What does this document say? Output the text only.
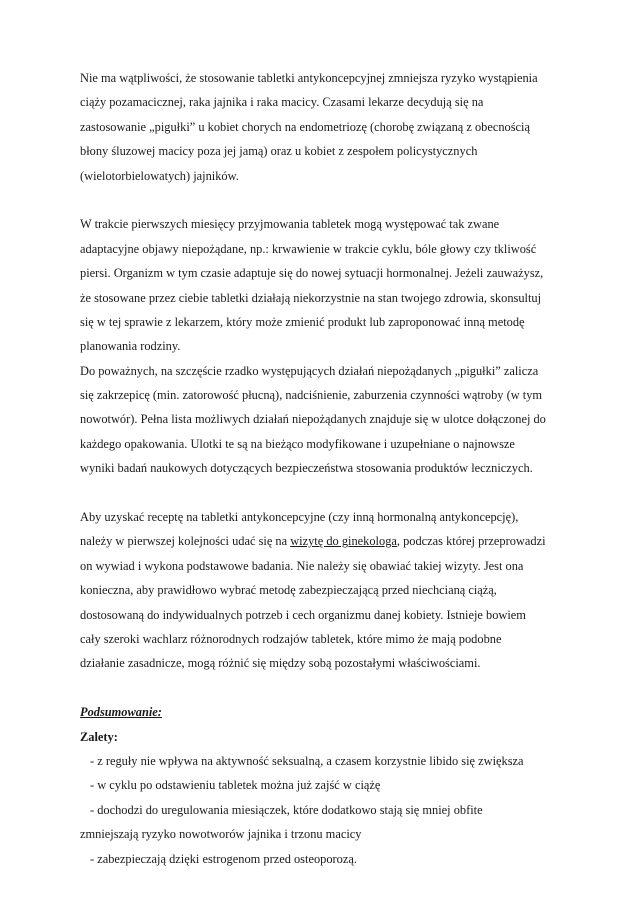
Nie ma wątpliwości, że stosowanie tabletki antykoncepcyjnej zmniejsza ryzyko wystąpienia
ciąży pozamacicznej, raka jajnika i raka macicy. Czasami lekarze decydują się na
zastosowanie „pigułki” u kobiet chorych na endometriozę (chorobę związaną z obecnością
błony śluzowej macicy poza jej jamą) oraz u kobiet z zespołem policystycznych
(wielotorbielowatych) jajników.
W trakcie pierwszych miesięcy przyjmowania tabletek mogą występować tak zwane
adaptacyjne objawy niepożądane, np.: krwawienie w trakcie cyklu, bóle głowy czy tkliwość
piersi. Organizm w tym czasie adaptuje się do nowej sytuacji hormonalnej. Jeżeli zauważysz,
że stosowane przez ciebie tabletki działają niekorzystnie na stan twojego zdrowia, skonsultuj
się w tej sprawie z lekarzem, który może zmienić produkt lub zaproponować inną metodę
planowania rodziny.
Do poważnych, na szczęście rzadko występujących działań niepożądanych „pigułki” zalicza
się zakrzepicę (min. zatorowość płucną), nadciśnienie, zaburzenia czynności wątroby (w tym
nowotwór). Pełna lista możliwych działań niepożądanych znajduje się w ulotce dołączonej do
każdego opakowania. Ulotki te są na bieżąco modyfikowane i uzupełniane o najnowsze
wyniki badań naukowych dotyczących bezpieczeństwa stosowania produktów leczniczych.
Aby uzyskać receptę na tabletki antykoncepcyjne (czy inną hormonalną antykoncepcję),
należy w pierwszej kolejności udać się na wizytę do ginekologa, podczas której przeprowadzi
on wywiad i wykona podstawowe badania. Nie należy się obawiać takiej wizyty. Jest ona
konieczna, aby prawidłowo wybrać metodę zabezpieczającą przed niechcianą ciążą,
dostosowaną do indywidualnych potrzeb i cech organizmu danej kobiety. Istnieje bowiem
cały szeroki wachlarz różnorodnych rodzajów tabletek, które mimo że mają podobne
działanie zasadnicze, mogą różnić się między sobą pozostałymi właściwościami.
Podsumowanie:
Zalety:
- z reguły nie wpływa na aktywność seksualną, a czasem korzystnie libido się zwiększa
- w cyklu po odstawieniu tabletek można już zajść w ciążę
- dochodzi do uregulowania miesiączek, które dodatkowo stają się mniej obfite
zmniejszają ryzyko nowotworów jajnika i trzonu macicy
- zabezpieczają dzięki estrogenom przed osteoporozą.
